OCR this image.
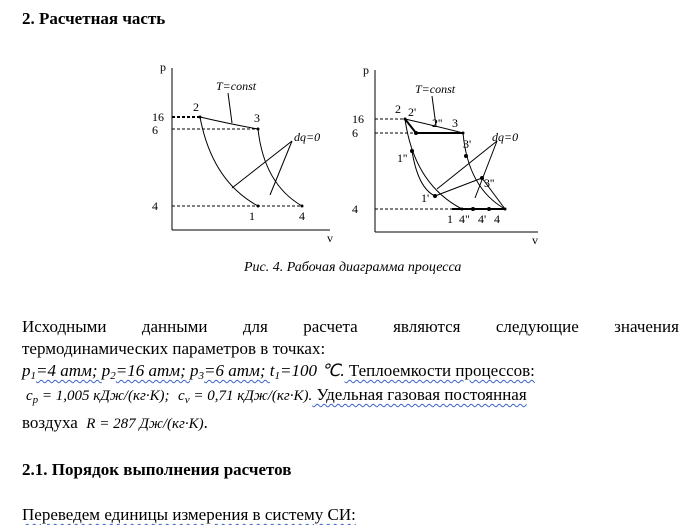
2. Расчетная часть
p
v
16
6
4
T=const
dq=0
2
3
1	4
p
v
16
6
4
T=const
dq=0
2 2'
2'' 3
3'
1''
1'
3''
1 4" 4' 4
Рис. 4. Рабочая диаграмма процесса
Исходными данными для расчета являются следующие значения
термодинамических параметров в точках:
$p_1=4$ атм; $p_2=16$ атм; $p_3=6$ атм; $t_1=100$ ℃. Теплоемкости процессов:
$c_p = 1,005$ кДж/(кг·К); $c_v = 0,71$ кДж/(кг·К). Удельная газовая постоянная
воздуха R = 287 Дж/(кг·К).
2.1. Порядок выполнения расчетов
Переведем единицы измерения в систему СИ:
